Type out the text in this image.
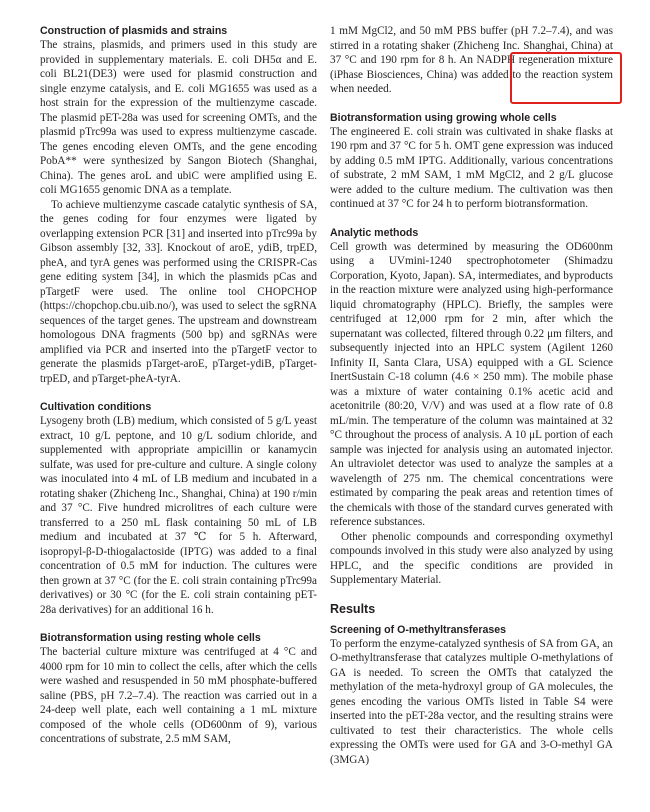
Construction of plasmids and strains
The strains, plasmids, and primers used in this study are provided in supplementary materials. E. coli DH5α and E. coli BL21(DE3) were used for plasmid construction and single enzyme catalysis, and E. coli MG1655 was used as a host strain for the expression of the multienzyme cascade. The plasmid pET-28a was used for screening OMTs, and the plasmid pTrc99a was used to express multienzyme cascade. The genes encoding eleven OMTs, and the gene encoding PobA** were synthesized by Sangon Biotech (Shanghai, China). The genes aroL and ubiC were amplified using E. coli MG1655 genomic DNA as a template.
To achieve multienzyme cascade catalytic synthesis of SA, the genes coding for four enzymes were ligated by overlapping extension PCR [31] and inserted into pTrc99a by Gibson assembly [32, 33]. Knockout of aroE, ydiB, trpED, pheA, and tyrA genes was performed using the CRISPR-Cas gene editing system [34], in which the plasmids pCas and pTargetF were used. The online tool CHOPCHOP (https://chopchop.cbu.uib.no/), was used to select the sgRNA sequences of the target genes. The upstream and downstream homologous DNA fragments (500 bp) and sgRNAs were amplified via PCR and inserted into the pTargetF vector to generate the plasmids pTarget-aroE, pTarget-ydiB, pTarget-trpED, and pTarget-pheA-tyrA.
Cultivation conditions
Lysogeny broth (LB) medium, which consisted of 5 g/L yeast extract, 10 g/L peptone, and 10 g/L sodium chloride, and supplemented with appropriate ampicillin or kanamycin sulfate, was used for pre-culture and culture. A single colony was inoculated into 4 mL of LB medium and incubated in a rotating shaker (Zhicheng Inc., Shanghai, China) at 190 r/min and 37 °C. Five hundred microlitres of each culture were transferred to a 250 mL flask containing 50 mL of LB medium and incubated at 37 ℃ for 5 h. Afterward, isopropyl-β-D-thiogalactoside (IPTG) was added to a final concentration of 0.5 mM for induction. The cultures were then grown at 37 °C (for the E. coli strain containing pTrc99a derivatives) or 30 °C (for the E. coli strain containing pET-28a derivatives) for an additional 16 h.
Biotransformation using resting whole cells
The bacterial culture mixture was centrifuged at 4 °C and 4000 rpm for 10 min to collect the cells, after which the cells were washed and resuspended in 50 mM phosphate-buffered saline (PBS, pH 7.2–7.4). The reaction was carried out in a 24-deep well plate, each well containing a 1 mL mixture composed of the whole cells (OD600nm of 9), various concentrations of substrate, 2.5 mM SAM,
1 mM MgCl2, and 50 mM PBS buffer (pH 7.2–7.4), and was stirred in a rotating shaker (Zhicheng Inc. Shanghai, China) at 37 °C and 190 rpm for 8 h. An NADPH regeneration mixture (iPhase Biosciences, China) was added to the reaction system when needed.
Biotransformation using growing whole cells
The engineered E. coli strain was cultivated in shake flasks at 190 rpm and 37 °C for 5 h. OMT gene expression was induced by adding 0.5 mM IPTG. Additionally, various concentrations of substrate, 2 mM SAM, 1 mM MgCl2, and 2 g/L glucose were added to the culture medium. The cultivation was then continued at 37 °C for 24 h to perform biotransformation.
Analytic methods
Cell growth was determined by measuring the OD600nm using a UVmini-1240 spectrophotometer (Shimadzu Corporation, Kyoto, Japan). SA, intermediates, and byproducts in the reaction mixture were analyzed using high-performance liquid chromatography (HPLC). Briefly, the samples were centrifuged at 12,000 rpm for 2 min, after which the supernatant was collected, filtered through 0.22 μm filters, and subsequently injected into an HPLC system (Agilent 1260 Infinity II, Santa Clara, USA) equipped with a GL Science InertSustain C-18 column (4.6 × 250 mm). The mobile phase was a mixture of water containing 0.1% acetic acid and acetonitrile (80:20, V/V) and was used at a flow rate of 0.8 mL/min. The temperature of the column was maintained at 32 °C throughout the process of analysis. A 10 μL portion of each sample was injected for analysis using an automated injector. An ultraviolet detector was used to analyze the samples at a wavelength of 275 nm. The chemical concentrations were estimated by comparing the peak areas and retention times of the chemicals with those of the standard curves generated with reference substances.
Other phenolic compounds and corresponding oxymethyl compounds involved in this study were also analyzed by using HPLC, and the specific conditions are provided in Supplementary Material.
Results
Screening of O-methyltransferases
To perform the enzyme-catalyzed synthesis of SA from GA, an O-methyltransferase that catalyzes multiple O-methylations of GA is needed. To screen the OMTs that catalyzed the methylation of the meta-hydroxyl group of GA molecules, the genes encoding the various OMTs listed in Table S4 were inserted into the pET-28a vector, and the resulting strains were cultivated to test their characteristics. The whole cells expressing the OMTs were used for GA and 3-O-methyl GA (3MGA)
